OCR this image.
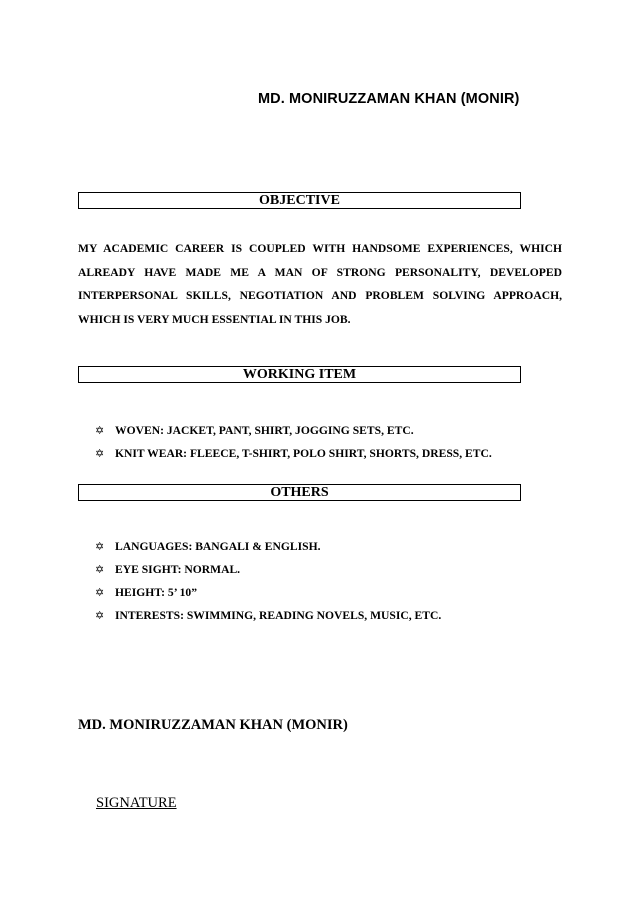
MD. MONIRUZZAMAN KHAN (MONIR)
OBJECTIVE
MY ACADEMIC CAREER IS COUPLED WITH HANDSOME EXPERIENCES, WHICH ALREADY HAVE MADE ME A MAN OF STRONG PERSONALITY, DEVELOPED INTERPERSONAL SKILLS, NEGOTIATION AND PROBLEM SOLVING APPROACH, WHICH IS VERY MUCH ESSENTIAL IN THIS JOB.
WORKING ITEM
✡ WOVEN: JACKET, PANT, SHIRT, JOGGING SETS, ETC.
✡ KNIT WEAR: FLEECE, T-SHIRT, POLO SHIRT, SHORTS, DRESS, ETC.
OTHERS
✡ LANGUAGES: BANGALI & ENGLISH.
✡ EYE SIGHT: NORMAL.
✡ HEIGHT: 5’ 10”
✡ INTERESTS: SWIMMING, READING NOVELS, MUSIC, ETC.
MD. MONIRUZZAMAN KHAN (MONIR)
SIGNATURE
